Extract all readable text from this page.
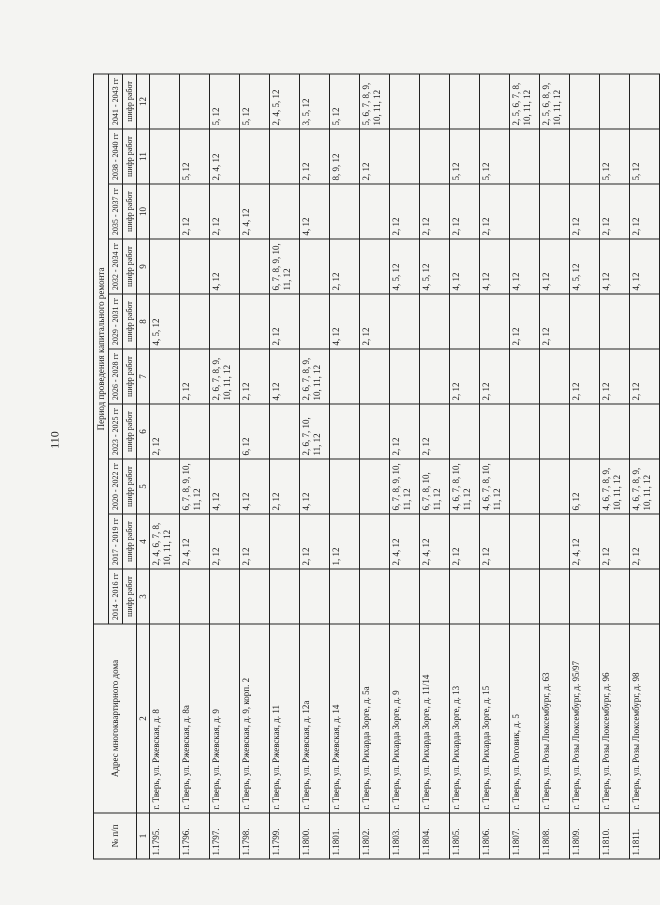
110
№ п/п	Адрес многоквартирного дома	Период проведения капитального ремонта									
		2014 - 2016 гг	2017 - 2019 гг	2020 - 2022 гг	2023 - 2025 гг	2026 - 2028 гг	2029 - 2031 гг	2032 - 2034 гг	2035 - 2037 гг	2038 - 2040 гг	2041 - 2043 гг
		шифр работ	шифр работ	шифр работ	шифр работ	шифр работ	шифр работ	шифр работ	шифр работ	шифр работ	шифр работ
1	2	3	4	5	6	7	8	9	10	11	12
1.1795.	г. Тверь, ул. Ржевская, д. 8		2, 4, 6, 7, 8, 10, 11, 12		2, 12		4, 5, 12				
1.1796.	г. Тверь, ул. Ржевская, д. 8а		2, 4, 12	6, 7, 8, 9, 10, 11, 12		2, 12			2, 12	5, 12	
1.1797.	г. Тверь, ул. Ржевская, д. 9		2, 12	4, 12		2, 6, 7, 8, 9, 10, 11, 12		4, 12	2, 12	2, 4, 12	5, 12
1.1798.	г. Тверь, ул. Ржевская, д. 9, корп. 2		2, 12	4, 12	6, 12	2, 12			2, 4, 12		5, 12
1.1799.	г. Тверь, ул. Ржевская, д. 11			2, 12		4, 12	2, 12	6, 7, 8, 9, 10, 11, 12			2, 4, 5, 12
1.1800.	г. Тверь, ул. Ржевская, д. 12а		2, 12	4, 12	2, 6, 7, 10, 11, 12	2, 6, 7, 8, 9, 10, 11, 12			4, 12	2, 12	3, 5, 12
1.1801.	г. Тверь, ул. Ржевская, д. 14		1, 12				4, 12	2, 12		8, 9, 12	5, 12
1.1802.	г. Тверь, ул. Рихарда Зорге, д. 5а						2, 12			2, 12	5, 6, 7, 8, 9, 10, 11, 12
1.1803.	г. Тверь, ул. Рихарда Зорге, д. 9		2, 4, 12	6, 7, 8, 9, 10, 11, 12	2, 12			4, 5, 12	2, 12		
1.1804.	г. Тверь, ул. Рихарда Зорге, д. 11/14		2, 4, 12	6, 7, 8, 10, 11, 12	2, 12			4, 5, 12	2, 12		
1.1805.	г. Тверь, ул. Рихарда Зорге, д. 13		2, 12	4, 6, 7, 8, 10, 11, 12		2, 12		4, 12	2, 12	5, 12	
1.1806.	г. Тверь, ул. Рихарда Зорге, д. 15		2, 12	4, 6, 7, 8, 10, 11, 12		2, 12		4, 12	2, 12	5, 12	
1.1807.	г. Тверь, ул. Роговик, д. 5						2, 12	4, 12			2, 5, 6, 7, 8, 10, 11, 12
1.1808.	г. Тверь, ул. Розы Люксембург, д. 63						2, 12	4, 12			2, 5, 6, 8, 9, 10, 11, 12
1.1809.	г. Тверь, ул. Розы Люксембург, д. 95/97		2, 4, 12	6, 12		2, 12		4, 5, 12	2, 12		
1.1810.	г. Тверь, ул. Розы Люксембург, д. 96		2, 12	4, 6, 7, 8, 9, 10, 11, 12		2, 12		4, 12	2, 12	5, 12	
1.1811.	г. Тверь, ул. Розы Люксембург, д. 98		2, 12	4, 6, 7, 8, 9, 10, 11, 12		2, 12		4, 12	2, 12	5, 12	
